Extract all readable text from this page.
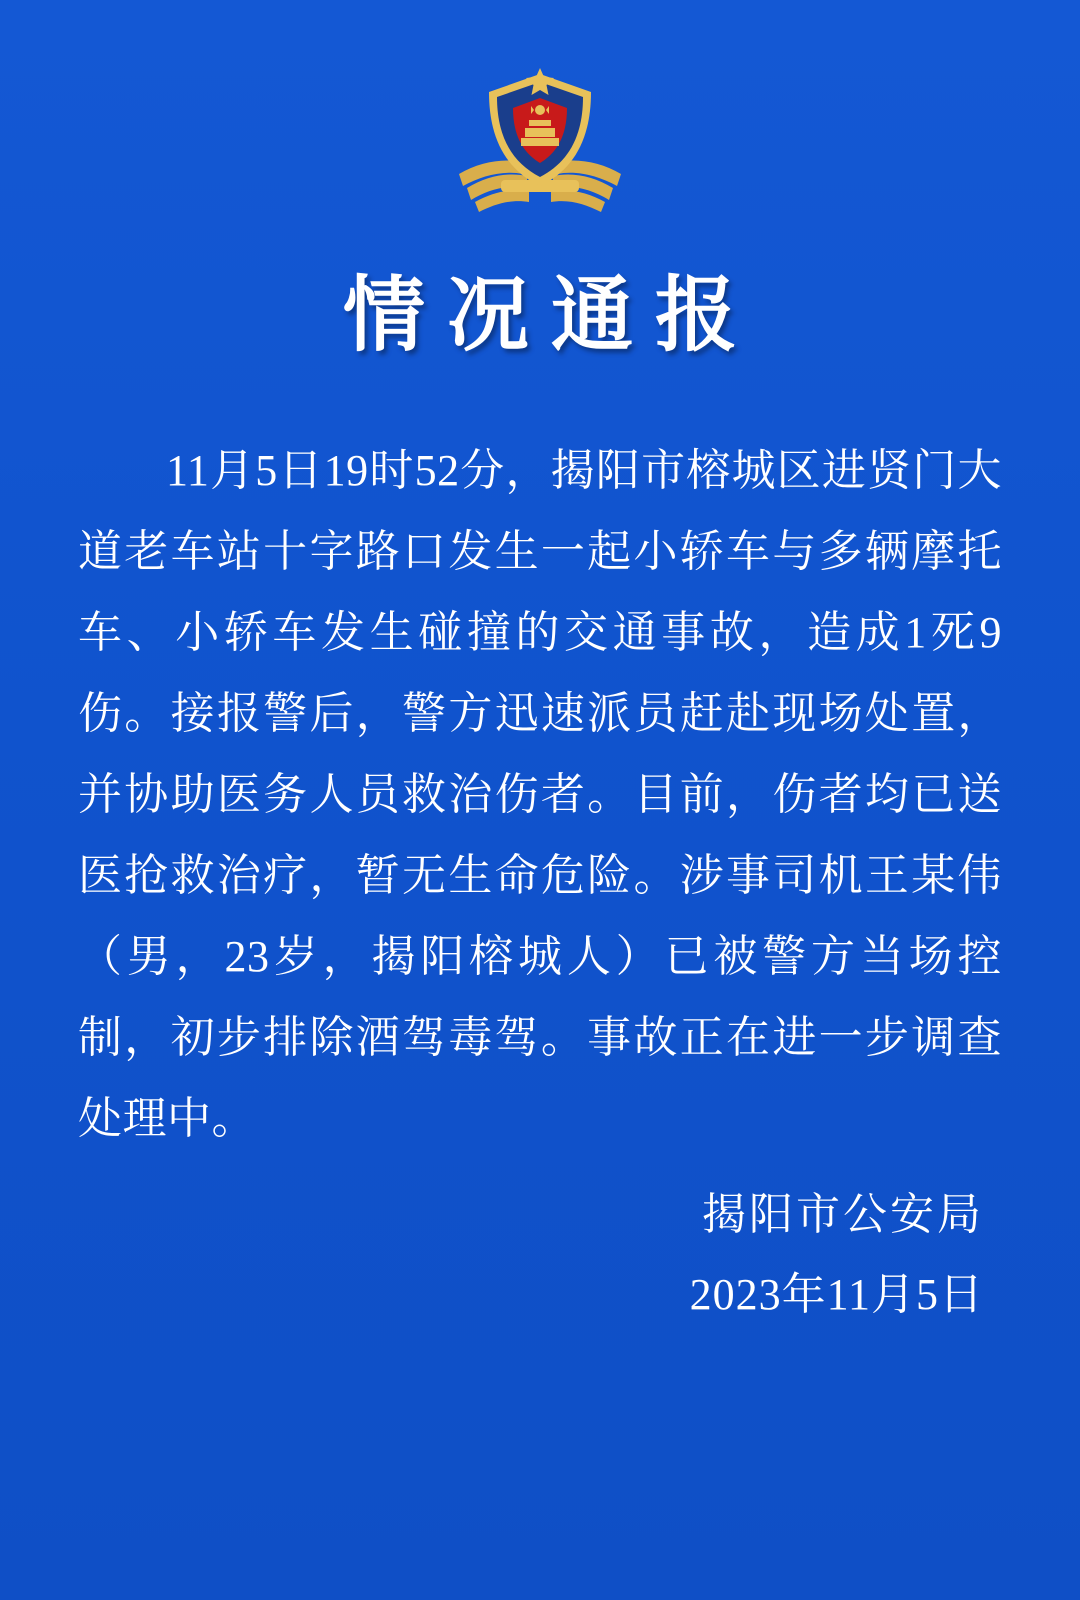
情况通报
11月5日19时52分，揭阳市榕城区进贤门大道老车站十字路口发生一起小轿车与多辆摩托车、小轿车发生碰撞的交通事故，造成1死9伤。接报警后，警方迅速派员赶赴现场处置，并协助医务人员救治伤者。目前，伤者均已送医抢救治疗，暂无生命危险。涉事司机王某伟（男，23岁，揭阳榕城人）已被警方当场控制，初步排除酒驾毒驾。事故正在进一步调查处理中。
揭阳市公安局
2023年11月5日
